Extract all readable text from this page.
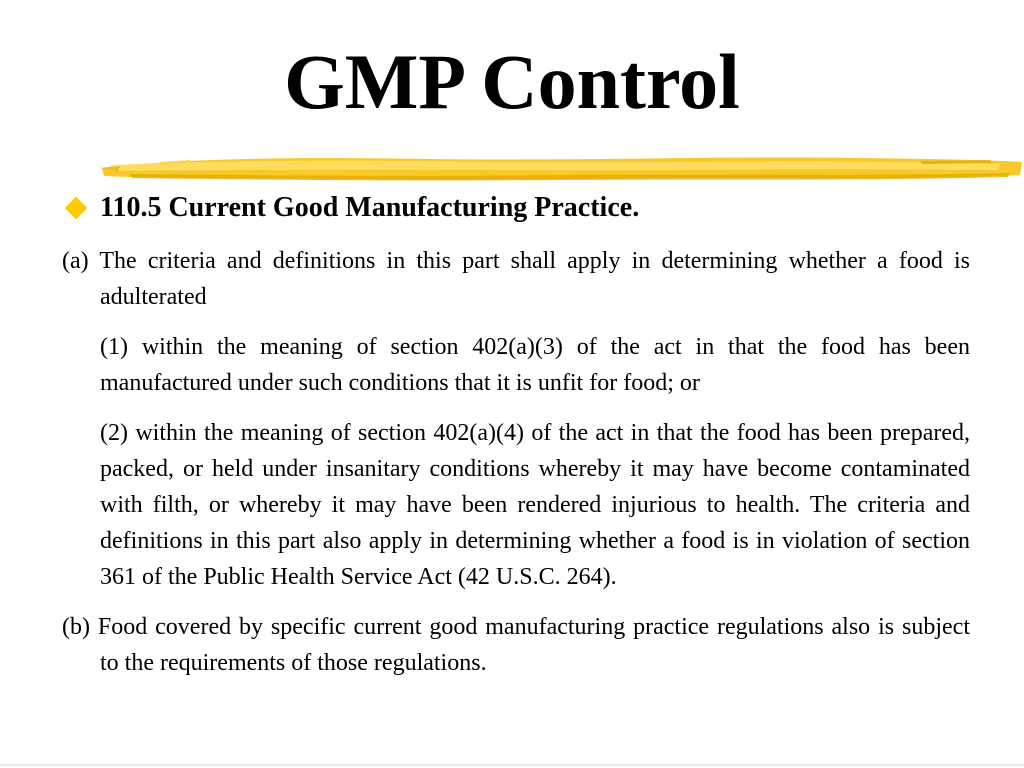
GMP Control
110.5 Current Good Manufacturing Practice.

(a) The criteria and definitions in this part shall apply in determining whether a food is adulterated

(1) within the meaning of section 402(a)(3) of the act in that the food has been manufactured under such conditions that it is unfit for food; or

(2) within the meaning of section 402(a)(4) of the act in that the food has been prepared, packed, or held under insanitary conditions whereby it may have become contaminated with filth, or whereby it may have been rendered injurious to health. The criteria and definitions in this part also apply in determining whether a food is in violation of section 361 of the Public Health Service Act (42 U.S.C. 264).

(b) Food covered by specific current good manufacturing practice regulations also is subject to the requirements of those regulations.
